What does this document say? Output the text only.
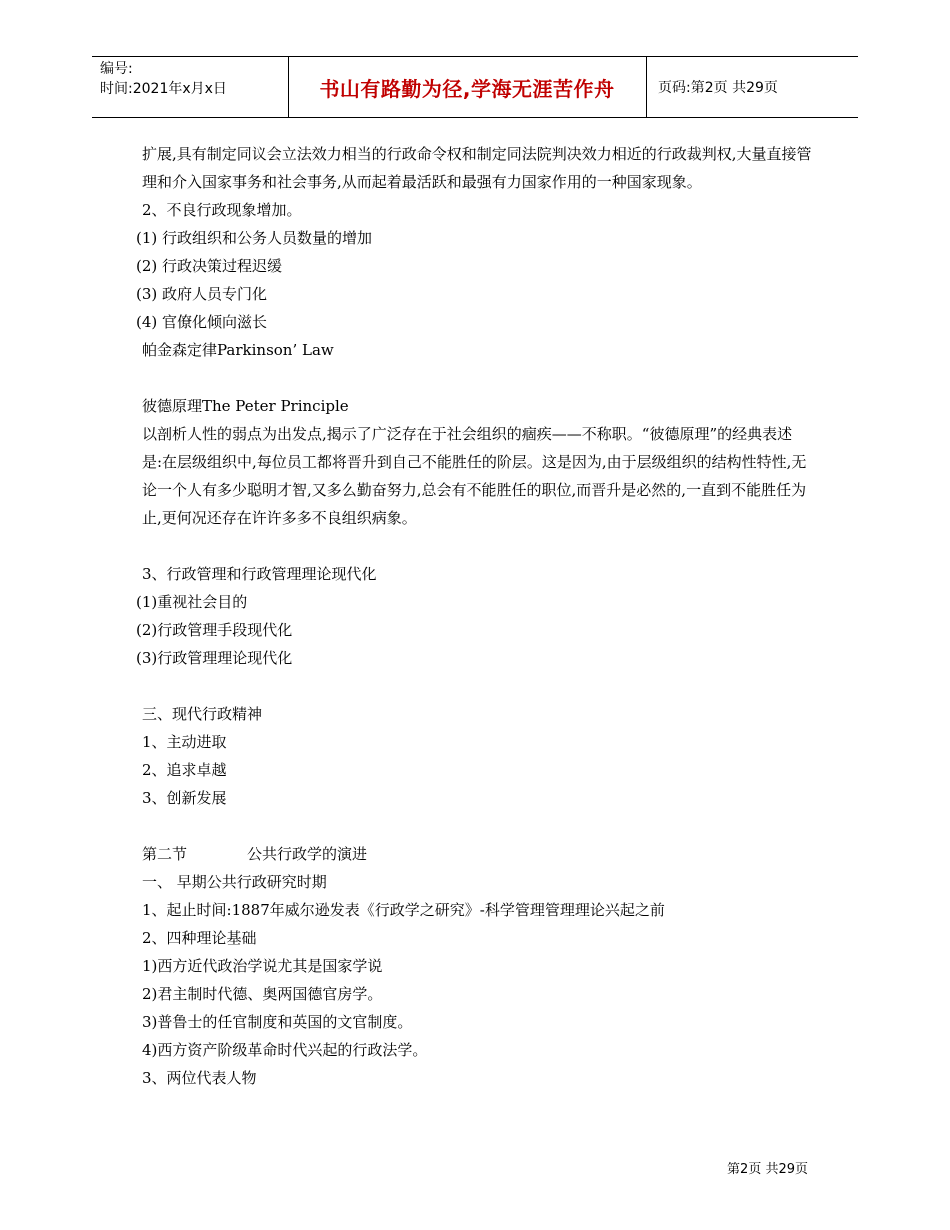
编号:
时间:2021年x月x日	书山有路勤为径,学海无涯苦作舟	页码:第2页 共29页

扩展,具有制定同议会立法效力相当的行政命令权和制定同法院判决效力相近的行政裁判权,大量直接管理和介入国家事务和社会事务,从而起着最活跃和最强有力国家作用的一种国家现象。

2、不良行政现象增加。

(1) 行政组织和公务人员数量的增加

(2) 行政决策过程迟缓

(3) 政府人员专门化

(4) 官僚化倾向滋长

帕金森定律Parkinson’ Law

彼德原理The Peter Principle

以剖析人性的弱点为出发点,揭示了广泛存在于社会组织的痼疾——不称职。“彼德原理”的经典表述是:在层级组织中,每位员工都将晋升到自己不能胜任的阶层。这是因为,由于层级组织的结构性特性,无论一个人有多少聪明才智,又多么勤奋努力,总会有不能胜任的职位,而晋升是必然的,一直到不能胜任为止,更何况还存在许许多多不良组织病象。

3、行政管理和行政管理理论现代化

(1)重视社会目的

(2)行政管理手段现代化

(3)行政管理理论现代化

三、现代行政精神

1、主动进取

2、追求卓越

3、创新发展

第二节	公共行政学的演进

一、 早期公共行政研究时期

1、起止时间:1887年威尔逊发表《行政学之研究》-科学管理管理理论兴起之前

2、四种理论基础

1)西方近代政治学说尤其是国家学说

2)君主制时代德、奥两国德官房学。

3)普鲁士的任官制度和英国的文官制度。

4)西方资产阶级革命时代兴起的行政法学。

3、两位代表人物

第2页 共29页
